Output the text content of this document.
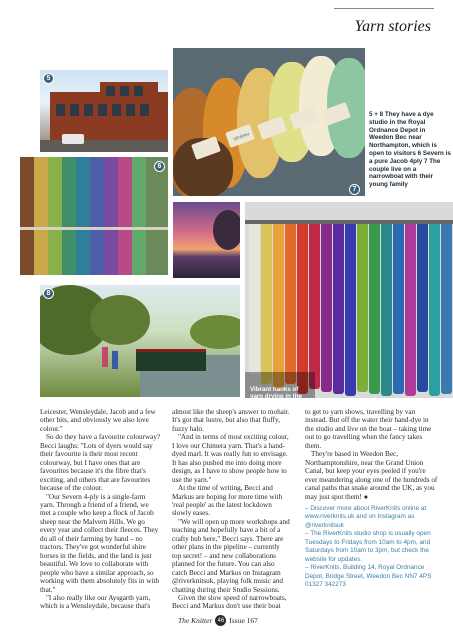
Yarn stories
5
6
SEVERN
7
5 + 8 They have a dye studio in the Royal Ordnance Depot in Weedon Bec near Northampton, which is open to visitors 6 Severn is a pure Jacob 4ply 7 The couple live on a narrowboat with their young family
8
Vibrant hanks of yarn drying in the studio

Leicester, Wensleydale, Jacob and a few other bits, and obviously we also love colour."

So do they have a favourite colourway? Becci laughs: "Lots of dyers would say their favourite is their most recent colourway, but I have ones that are favourites because it's the fibre that's exciting, and others that are favourites because of the colour.

"Our Severn 4-ply is a single-farm yarn. Through a friend of a friend, we met a couple who keep a flock of Jacob sheep near the Malvern Hills. We go every year and collect their fleeces. They do all of their farming by hand – no tractors. They've got wonderful shire horses in the fields, and the land is just beautiful. We love to collaborate with people who have a similar approach, so working with them absolutely fits in with that."

"I also really like our Aysgarth yarn, which is a Wensleydale, because that's

almost like the sheep's answer to mohair. It's got that lustre, but also that fluffy, fuzzy halo.

"And in terms of most exciting colour, I love our Chimera yarn. That's a hand-dyed marl. It was really fun to envisage. It has also pushed me into doing more design, as I have to show people how to use the yarn."

At the time of writing, Becci and Markus are hoping for more time with 'real people' as the latest lockdown slowly eases.

"We will open up more workshops and teaching and hopefully have a bit of a crafty hub here," Becci says. There are other plans in the pipeline – currently top secret! – and new collaborations planned for the future. You can also catch Becci and Markus on Instagram @riverknitsuk, playing folk music and chatting during their Studio Sessions.

Given the slow speed of narrowboats, Becci and Markus don't use their boat

to get to yarn shows, travelling by van instead. But off the water their hand-dye in the studio and live on the boat – taking time out to go travelling when the fancy takes them.

They're based in Weedon Bec, Northamptonshire, near the Grand Union Canal, but keep your eyes peeled if you're ever meandering along one of the hundreds of canal paths that snake around the UK, as you may just spot them! ●

– Discover more about RiverKnits online at www.riverknits.uk and on Instagram as @riverknitsuk

– The RiverKnits studio shop is usually open Tuesdays to Fridays from 10am to 4pm, and Saturdays from 10am to 3pm, but check the website for updates.

– RiverKnits, Building 14, Royal Ordnance Depot, Bridge Street, Weedon Bec NN7 4PS 01327 342273

The Knitter 46 Issue 167
